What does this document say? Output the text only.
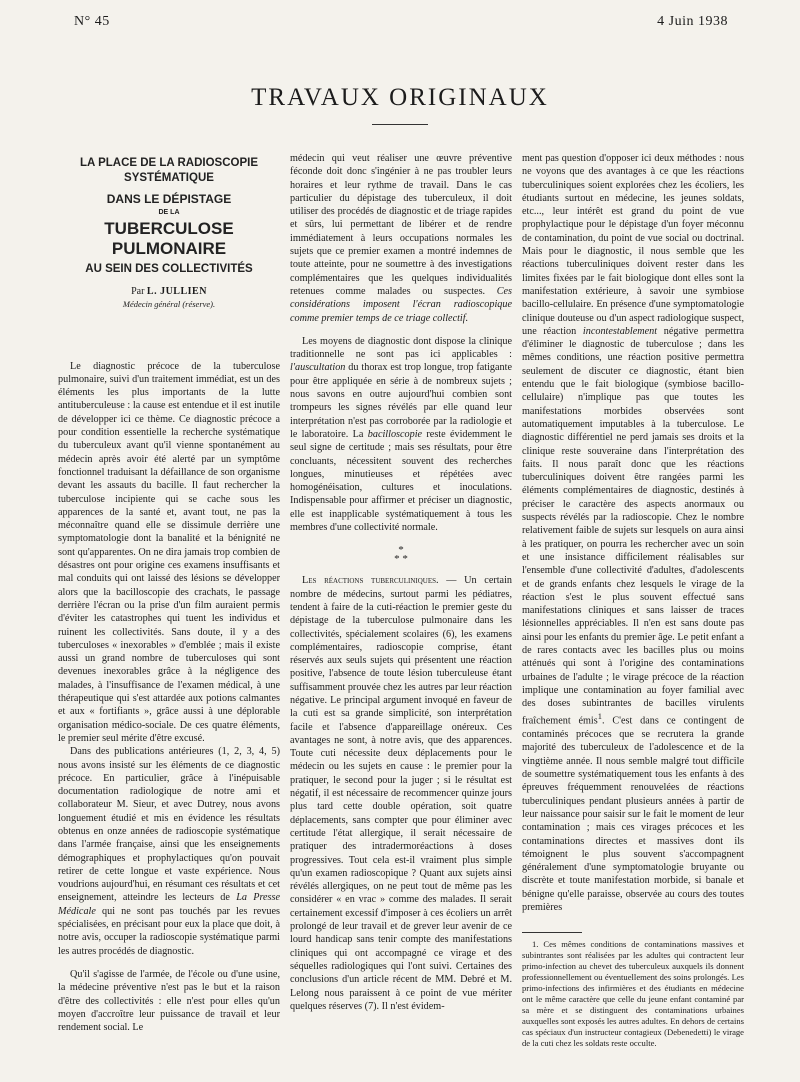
N° 45	4 Juin 1938
TRAVAUX ORIGINAUX
LA PLACE DE LA RADIOSCOPIE SYSTÉMATIQUE
DANS LE DÉPISTAGE
DE LA
TUBERCULOSE PULMONAIRE
AU SEIN DES COLLECTIVITÉS
Par L. JULLIEN
Médecin général (réserve).

Le diagnostic précoce de la tuberculose pulmonaire, suivi d'un traitement immédiat, est un des éléments les plus importants de la lutte antituberculeuse : la cause est entendue et il est inutile de développer ici ce thème. Ce diagnostic précoce a pour condition essentielle la recherche systématique du tuberculeux avant qu'il vienne spontanément au médecin après avoir été alerté par un symptôme fonctionnel traduisant la défaillance de son organisme devant les assauts du bacille. Il faut rechercher la tuberculose incipiente qui se cache sous les apparences de la santé et, avant tout, ne pas la méconnaître quand elle se dissimule derrière une symptomatologie dont la banalité et la bénignité ne sont qu'apparentes. On ne dira jamais trop combien de désastres ont pour origine ces examens insuffisants et mal conduits qui ont laissé des lésions se développer alors que la bacilloscopie des crachats, le passage derrière l'écran ou la prise d'un film auraient permis d'éviter les catastrophes qui tuent les individus et ruinent les collectivités. Sans doute, il y a des tuberculoses « inexorables » d'emblée ; mais il existe aussi un grand nombre de tuberculoses qui sont devenues inexorables grâce à la négligence des malades, à l'insuffisance de l'examen médical, à une thérapeutique qui s'est attardée aux potions calmantes et aux « fortifiants », grâce aussi à une déplorable organisation médico-sociale. De ces quatre éléments, le premier seul mérite d'être excusé.

Dans des publications antérieures (1, 2, 3, 4, 5) nous avons insisté sur les éléments de ce diagnostic précoce. En particulier, grâce à l'inépuisable documentation radiologique de notre ami et collaborateur M. Sieur, et avec Dutrey, nous avons longuement étudié et mis en évidence les résultats obtenus en onze années de radioscopie systématique dans l'armée française, ainsi que les enseignements démographiques et prophylactiques qu'on pouvait retirer de cette longue et vaste expérience. Nous voudrions aujourd'hui, en résumant ces résultats et cet enseignement, atteindre les lecteurs de La Presse Médicale qui ne sont pas touchés par les revues spécialisées, en précisant pour eux la place que doit, à notre avis, occuper la radioscopie systématique parmi les autres procédés de diagnostic.

Qu'il s'agisse de l'armée, de l'école ou d'une usine, la médecine préventive n'est pas le but et la raison d'être des collectivités : elle n'est pour elles qu'un moyen d'accroître leur puissance de travail et leur rendement social. Le

médecin qui veut réaliser une œuvre préventive féconde doit donc s'ingénier à ne pas troubler leurs horaires et leur rythme de travail. Dans le cas particulier du dépistage des tuberculeux, il doit utiliser des procédés de diagnostic et de triage rapides et sûrs, lui permettant de libérer et de rendre immédiatement à leurs occupations normales les sujets que ce premier examen a montré indemnes de toute atteinte, pour ne soumettre à des investigations complémentaires que les quelques individualités retenues comme malades ou suspectes. Ces considérations imposent l'écran radioscopique comme premier temps de ce triage collectif.

Les moyens de diagnostic dont dispose la clinique traditionnelle ne sont pas ici applicables : l'auscultation du thorax est trop longue, trop fatigante pour être appliquée en série à de nombreux sujets ; nous savons en outre aujourd'hui combien sont trompeurs les signes révélés par elle quand leur interprétation n'est pas corroborée par la radiologie et le laboratoire. La bacilloscopie reste évidemment le seul signe de certitude ; mais ses résultats, pour être concluants, nécessitent souvent des recherches longues, minutieuses et répétées avec homogénéisation, cultures et inoculations. Indispensable pour affirmer et préciser un diagnostic, elle est inapplicable systématiquement à tous les membres d'une collectivité normale.

*
* *

Les réactions tuberculiniques. — Un certain nombre de médecins, surtout parmi les pédiatres, tendent à faire de la cuti-réaction le premier geste du dépistage de la tuberculose pulmonaire dans les collectivités, spécialement scolaires (6), les examens complémentaires, radioscopie comprise, étant réservés aux seuls sujets qui présentent une réaction positive, l'absence de toute lésion tuberculeuse étant suffisamment prouvée chez les autres par leur réaction négative. Le principal argument invoqué en faveur de la cuti est sa grande simplicité, son interprétation facile et l'absence d'appareillage onéreux. Ces avantages ne sont, à notre avis, que des apparences. Toute cuti nécessite deux déplacements pour le médecin ou les sujets en cause : le premier pour la pratiquer, le second pour la juger ; si le résultat est négatif, il est nécessaire de recommencer quinze jours plus tard cette double opération, soit quatre déplacements, sans compter que pour éliminer avec certitude l'état allergique, il serait nécessaire de pratiquer des intradermoréactions à doses progressives. Tout cela est-il vraiment plus simple qu'un examen radioscopique ? Quant aux sujets ainsi révélés allergiques, on ne peut tout de même pas les considérer « en vrac » comme des malades. Il serait certainement excessif d'imposer à ces écoliers un arrêt prolongé de leur travail et de grever leur avenir de ce lourd handicap sans tenir compte des manifestations cliniques qui ont accompagné ce virage et des séquelles radiologiques qui l'ont suivi. Certaines des conclusions d'un article récent de MM. Debré et M. Lelong nous paraissent à ce point de vue mériter quelques réserves (7). Il n'est évidem-

ment pas question d'opposer ici deux méthodes : nous ne voyons que des avantages à ce que les réactions tuberculiniques soient explorées chez les écoliers, les étudiants surtout en médecine, les jeunes soldats, etc..., leur intérêt est grand du point de vue prophylactique pour le dépistage d'un foyer méconnu de contamination, du point de vue social ou doctrinal. Mais pour le diagnostic, il nous semble que les réactions tuberculiniques doivent rester dans les limites fixées par le fait biologique dont elles sont la manifestation extérieure, à savoir une symbiose bacillo-cellulaire. En présence d'une symptomatologie clinique douteuse ou d'un aspect radiologique suspect, une réaction incontestablement négative permettra d'éliminer le diagnostic de tuberculose ; dans les mêmes conditions, une réaction positive permettra seulement de discuter ce diagnostic, étant bien entendu que le fait biologique (symbiose bacillo-cellulaire) n'implique pas que toutes les manifestations morbides observées sont automatiquement imputables à la tuberculose. Le diagnostic différentiel ne perd jamais ses droits et la clinique reste souveraine dans l'interprétation des faits. Il nous paraît donc que les réactions tuberculiniques doivent être rangées parmi les éléments complémentaires de diagnostic, destinés à préciser le caractère des aspects anormaux ou suspects révélés par la radioscopie. Chez le nombre relativement faible de sujets sur lesquels on aura ainsi à les pratiquer, on pourra les rechercher avec un soin et une insistance difficilement réalisables sur l'ensemble d'une collectivité d'adultes, d'adolescents et de grands enfants chez lesquels le virage de la réaction s'est le plus souvent effectué sans manifestations cliniques et sans laisser de traces lésionnelles appréciables. Il n'en est sans doute pas ainsi pour les enfants du premier âge. Le petit enfant a de rares contacts avec les bacilles plus ou moins atténués qui sont à l'origine des contaminations urbaines de l'adulte ; le virage précoce de la réaction implique une contamination au foyer familial avec des doses subintrantes de bacilles virulents fraîchement émis$^1$. C'est dans ce contingent de contaminés précoces que se recrutera la grande majorité des tuberculeux de l'adolescence et de la vingtième année. Il nous semble malgré tout difficile de soumettre systématiquement tous les enfants à des épreuves fréquemment renouvelées de réactions tuberculiniques pendant plusieurs années à partir de leur naissance pour saisir sur le fait le moment de leur contamination ; mais ces virages précoces et les contaminations directes et massives dont ils témoignent le plus souvent s'accompagnent généralement d'une symptomatologie bruyante ou discrète et toute manifestation morbide, si banale et bénigne qu'elle paraisse, observée au cours des toutes premières

1. Ces mêmes conditions de contaminations massives et subintrantes sont réalisées par les adultes qui contractent leur primo-infection au chevet des tuberculeux auxquels ils donnent professionnellement ou éventuellement des soins prolongés. Les primo-infections des infirmières et des étudiants en médecine ont le même caractère que celle du jeune enfant contaminé par sa mère et se distinguent des contaminations urbaines auxquelles sont exposés les autres adultes. En dehors de certains cas spéciaux d'un instructeur contagieux (Debenedetti) le virage de la cuti chez les soldats reste occulte.
